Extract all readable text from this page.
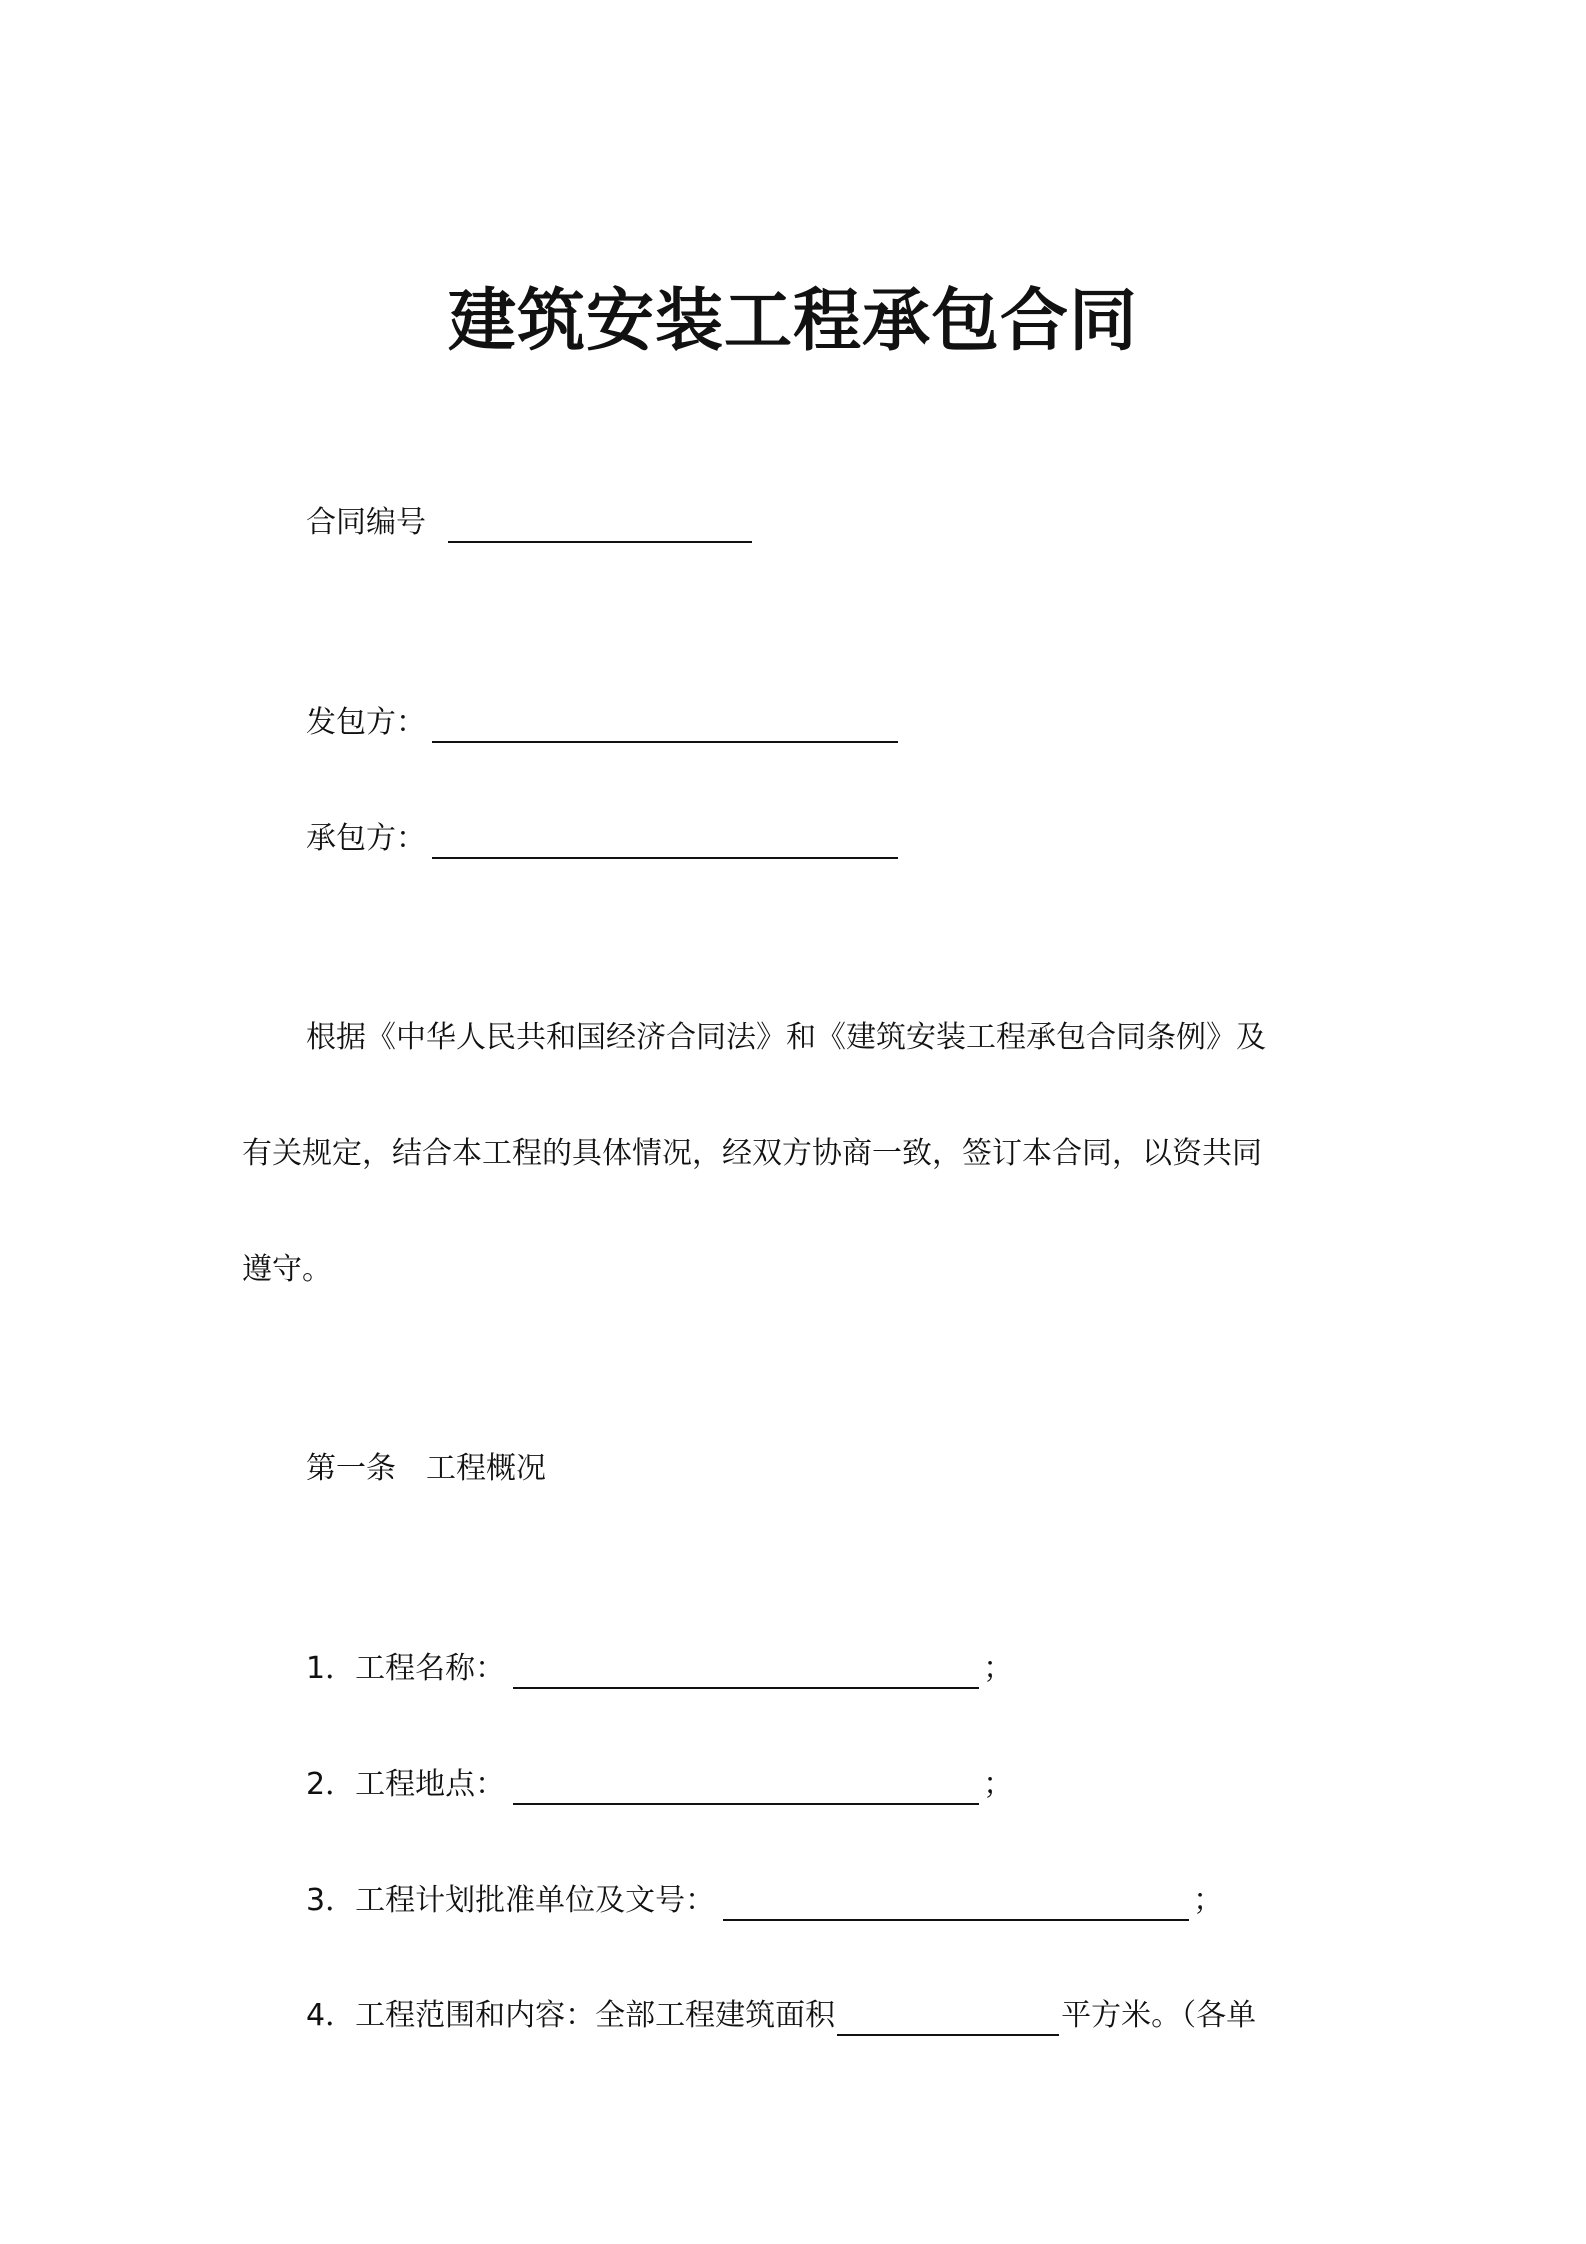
建筑安装工程承包合同
合同编号
发包方：
承包方：
根据《中华人民共和国经济合同法》和《建筑安装工程承包合同条例》及
有关规定，结合本工程的具体情况，经双方协商一致，签订本合同，以资共同
遵守。
第一条　工程概况
1．工程名称：	；
2．工程地点：	；
3．工程计划批准单位及文号：	；
4．工程范围和内容：全部工程建筑面积	平方米。（各单
